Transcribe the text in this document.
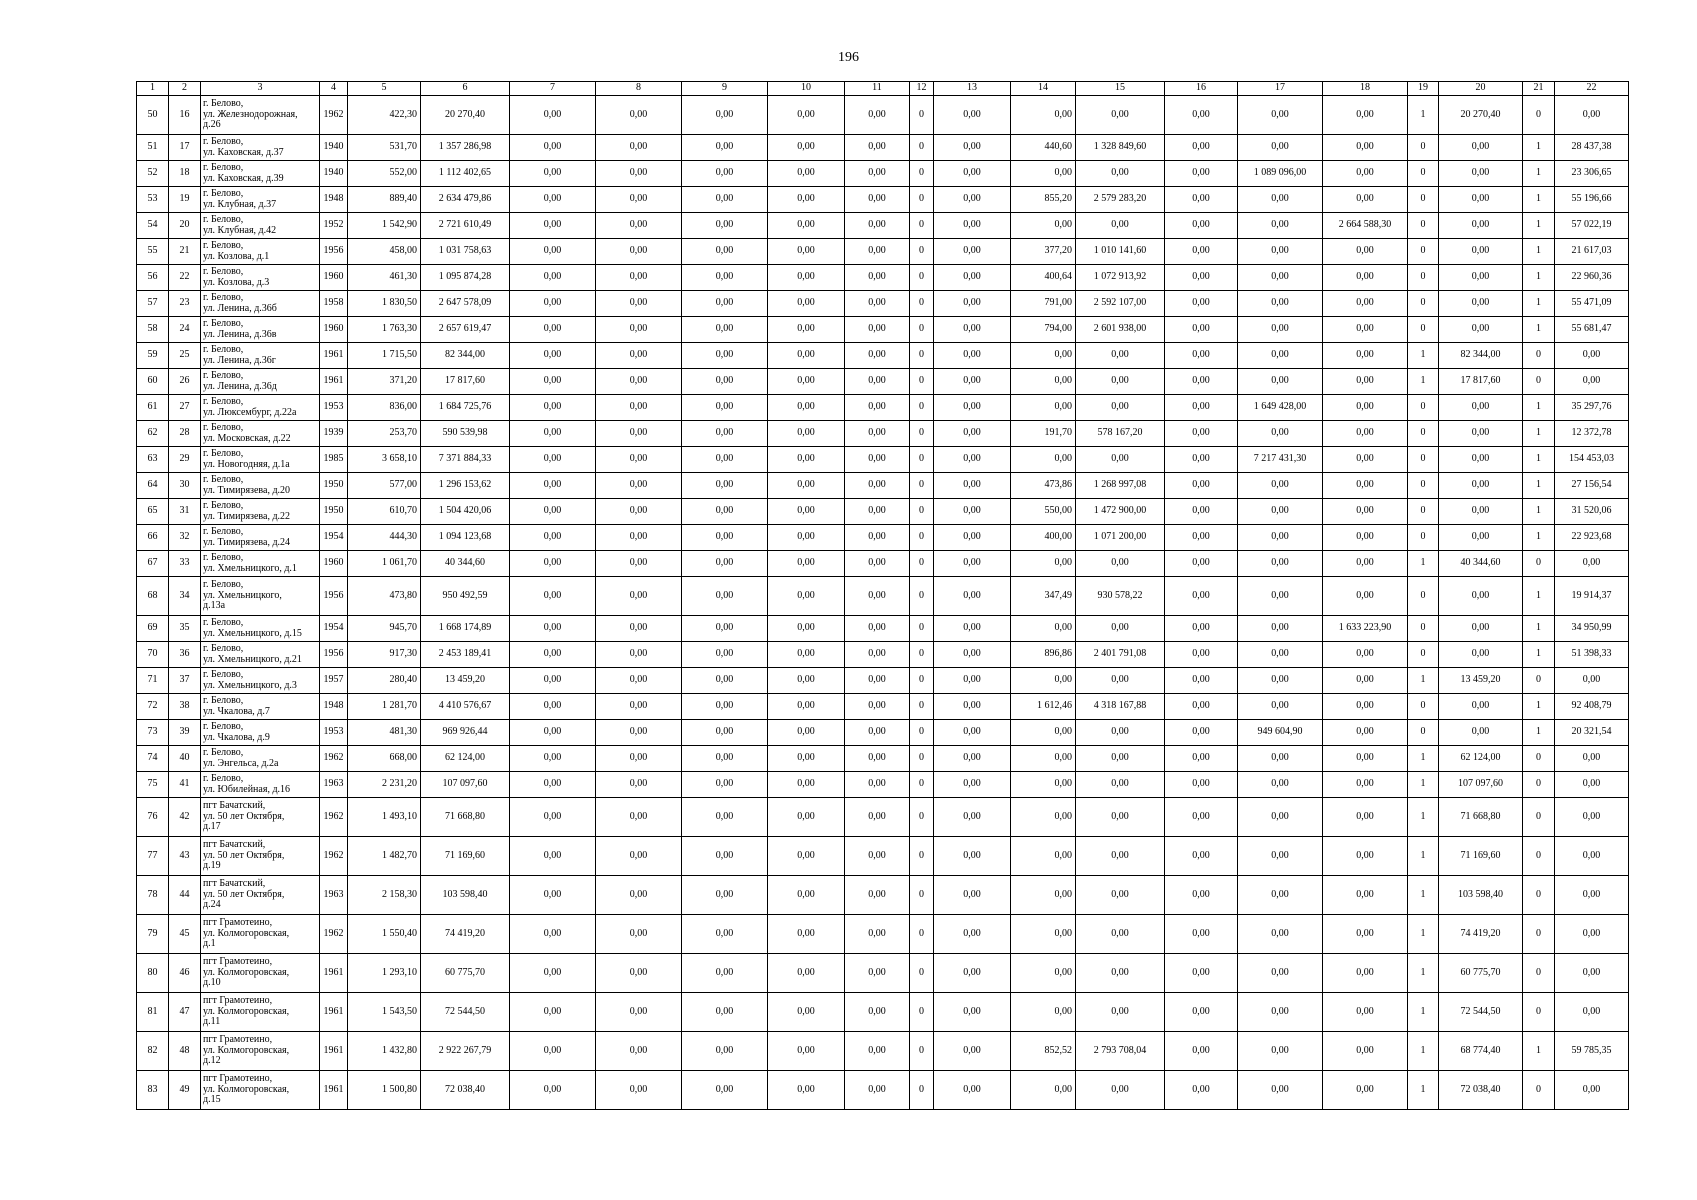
196
1	2	3	4	5	6	7	8	9	10	11	12	13	14	15	16	17	18	19	20	21	22
50	16	г. Белово,
ул. Железнодорожная,
д.26	1962	422,30	20 270,40	0,00	0,00	0,00	0,00	0,00	0	0,00	0,00	0,00	0,00	0,00	0,00	1	20 270,40	0	0,00
51	17	г. Белово,
ул. Каховская, д.37	1940	531,70	1 357 286,98	0,00	0,00	0,00	0,00	0,00	0	0,00	440,60	1 328 849,60	0,00	0,00	0,00	0	0,00	1	28 437,38
52	18	г. Белово,
ул. Каховская, д.39	1940	552,00	1 112 402,65	0,00	0,00	0,00	0,00	0,00	0	0,00	0,00	0,00	0,00	1 089 096,00	0,00	0	0,00	1	23 306,65
53	19	г. Белово,
ул. Клубная, д.37	1948	889,40	2 634 479,86	0,00	0,00	0,00	0,00	0,00	0	0,00	855,20	2 579 283,20	0,00	0,00	0,00	0	0,00	1	55 196,66
54	20	г. Белово,
ул. Клубная, д.42	1952	1 542,90	2 721 610,49	0,00	0,00	0,00	0,00	0,00	0	0,00	0,00	0,00	0,00	0,00	2 664 588,30	0	0,00	1	57 022,19
55	21	г. Белово,
ул. Козлова, д.1	1956	458,00	1 031 758,63	0,00	0,00	0,00	0,00	0,00	0	0,00	377,20	1 010 141,60	0,00	0,00	0,00	0	0,00	1	21 617,03
56	22	г. Белово,
ул. Козлова, д.3	1960	461,30	1 095 874,28	0,00	0,00	0,00	0,00	0,00	0	0,00	400,64	1 072 913,92	0,00	0,00	0,00	0	0,00	1	22 960,36
57	23	г. Белово,
ул. Ленина, д.36б	1958	1 830,50	2 647 578,09	0,00	0,00	0,00	0,00	0,00	0	0,00	791,00	2 592 107,00	0,00	0,00	0,00	0	0,00	1	55 471,09
58	24	г. Белово,
ул. Ленина, д.36в	1960	1 763,30	2 657 619,47	0,00	0,00	0,00	0,00	0,00	0	0,00	794,00	2 601 938,00	0,00	0,00	0,00	0	0,00	1	55 681,47
59	25	г. Белово,
ул. Ленина, д.36г	1961	1 715,50	82 344,00	0,00	0,00	0,00	0,00	0,00	0	0,00	0,00	0,00	0,00	0,00	0,00	1	82 344,00	0	0,00
60	26	г. Белово,
ул. Ленина, д.36д	1961	371,20	17 817,60	0,00	0,00	0,00	0,00	0,00	0	0,00	0,00	0,00	0,00	0,00	0,00	1	17 817,60	0	0,00
61	27	г. Белово,
ул. Люксембург, д.22а	1953	836,00	1 684 725,76	0,00	0,00	0,00	0,00	0,00	0	0,00	0,00	0,00	0,00	1 649 428,00	0,00	0	0,00	1	35 297,76
62	28	г. Белово,
ул. Московская, д.22	1939	253,70	590 539,98	0,00	0,00	0,00	0,00	0,00	0	0,00	191,70	578 167,20	0,00	0,00	0,00	0	0,00	1	12 372,78
63	29	г. Белово,
ул. Новогодняя, д.1а	1985	3 658,10	7 371 884,33	0,00	0,00	0,00	0,00	0,00	0	0,00	0,00	0,00	0,00	7 217 431,30	0,00	0	0,00	1	154 453,03
64	30	г. Белово,
ул. Тимирязева, д.20	1950	577,00	1 296 153,62	0,00	0,00	0,00	0,00	0,00	0	0,00	473,86	1 268 997,08	0,00	0,00	0,00	0	0,00	1	27 156,54
65	31	г. Белово,
ул. Тимирязева, д.22	1950	610,70	1 504 420,06	0,00	0,00	0,00	0,00	0,00	0	0,00	550,00	1 472 900,00	0,00	0,00	0,00	0	0,00	1	31 520,06
66	32	г. Белово,
ул. Тимирязева, д.24	1954	444,30	1 094 123,68	0,00	0,00	0,00	0,00	0,00	0	0,00	400,00	1 071 200,00	0,00	0,00	0,00	0	0,00	1	22 923,68
67	33	г. Белово,
ул. Хмельницкого, д.1	1960	1 061,70	40 344,60	0,00	0,00	0,00	0,00	0,00	0	0,00	0,00	0,00	0,00	0,00	0,00	1	40 344,60	0	0,00
68	34	г. Белово,
ул. Хмельницкого,
д.13а	1956	473,80	950 492,59	0,00	0,00	0,00	0,00	0,00	0	0,00	347,49	930 578,22	0,00	0,00	0,00	0	0,00	1	19 914,37
69	35	г. Белово,
ул. Хмельницкого, д.15	1954	945,70	1 668 174,89	0,00	0,00	0,00	0,00	0,00	0	0,00	0,00	0,00	0,00	0,00	1 633 223,90	0	0,00	1	34 950,99
70	36	г. Белово,
ул. Хмельницкого, д.21	1956	917,30	2 453 189,41	0,00	0,00	0,00	0,00	0,00	0	0,00	896,86	2 401 791,08	0,00	0,00	0,00	0	0,00	1	51 398,33
71	37	г. Белово,
ул. Хмельницкого, д.3	1957	280,40	13 459,20	0,00	0,00	0,00	0,00	0,00	0	0,00	0,00	0,00	0,00	0,00	0,00	1	13 459,20	0	0,00
72	38	г. Белово,
ул. Чкалова, д.7	1948	1 281,70	4 410 576,67	0,00	0,00	0,00	0,00	0,00	0	0,00	1 612,46	4 318 167,88	0,00	0,00	0,00	0	0,00	1	92 408,79
73	39	г. Белово,
ул. Чкалова, д.9	1953	481,30	969 926,44	0,00	0,00	0,00	0,00	0,00	0	0,00	0,00	0,00	0,00	949 604,90	0,00	0	0,00	1	20 321,54
74	40	г. Белово,
ул. Энгельса, д.2а	1962	668,00	62 124,00	0,00	0,00	0,00	0,00	0,00	0	0,00	0,00	0,00	0,00	0,00	0,00	1	62 124,00	0	0,00
75	41	г. Белово,
ул. Юбилейная, д.16	1963	2 231,20	107 097,60	0,00	0,00	0,00	0,00	0,00	0	0,00	0,00	0,00	0,00	0,00	0,00	1	107 097,60	0	0,00
76	42	пгт Бачатский,
ул. 50 лет Октября,
д.17	1962	1 493,10	71 668,80	0,00	0,00	0,00	0,00	0,00	0	0,00	0,00	0,00	0,00	0,00	0,00	1	71 668,80	0	0,00
77	43	пгт Бачатский,
ул. 50 лет Октября,
д.19	1962	1 482,70	71 169,60	0,00	0,00	0,00	0,00	0,00	0	0,00	0,00	0,00	0,00	0,00	0,00	1	71 169,60	0	0,00
78	44	пгт Бачатский,
ул. 50 лет Октября,
д.24	1963	2 158,30	103 598,40	0,00	0,00	0,00	0,00	0,00	0	0,00	0,00	0,00	0,00	0,00	0,00	1	103 598,40	0	0,00
79	45	пгт Грамотеино,
ул. Колмогоровская,
д.1	1962	1 550,40	74 419,20	0,00	0,00	0,00	0,00	0,00	0	0,00	0,00	0,00	0,00	0,00	0,00	1	74 419,20	0	0,00
80	46	пгт Грамотеино,
ул. Колмогоровская,
д.10	1961	1 293,10	60 775,70	0,00	0,00	0,00	0,00	0,00	0	0,00	0,00	0,00	0,00	0,00	0,00	1	60 775,70	0	0,00
81	47	пгт Грамотеино,
ул. Колмогоровская,
д.11	1961	1 543,50	72 544,50	0,00	0,00	0,00	0,00	0,00	0	0,00	0,00	0,00	0,00	0,00	0,00	1	72 544,50	0	0,00
82	48	пгт Грамотеино,
ул. Колмогоровская,
д.12	1961	1 432,80	2 922 267,79	0,00	0,00	0,00	0,00	0,00	0	0,00	852,52	2 793 708,04	0,00	0,00	0,00	1	68 774,40	1	59 785,35
83	49	пгт Грамотеино,
ул. Колмогоровская,
д.15	1961	1 500,80	72 038,40	0,00	0,00	0,00	0,00	0,00	0	0,00	0,00	0,00	0,00	0,00	0,00	1	72 038,40	0	0,00
